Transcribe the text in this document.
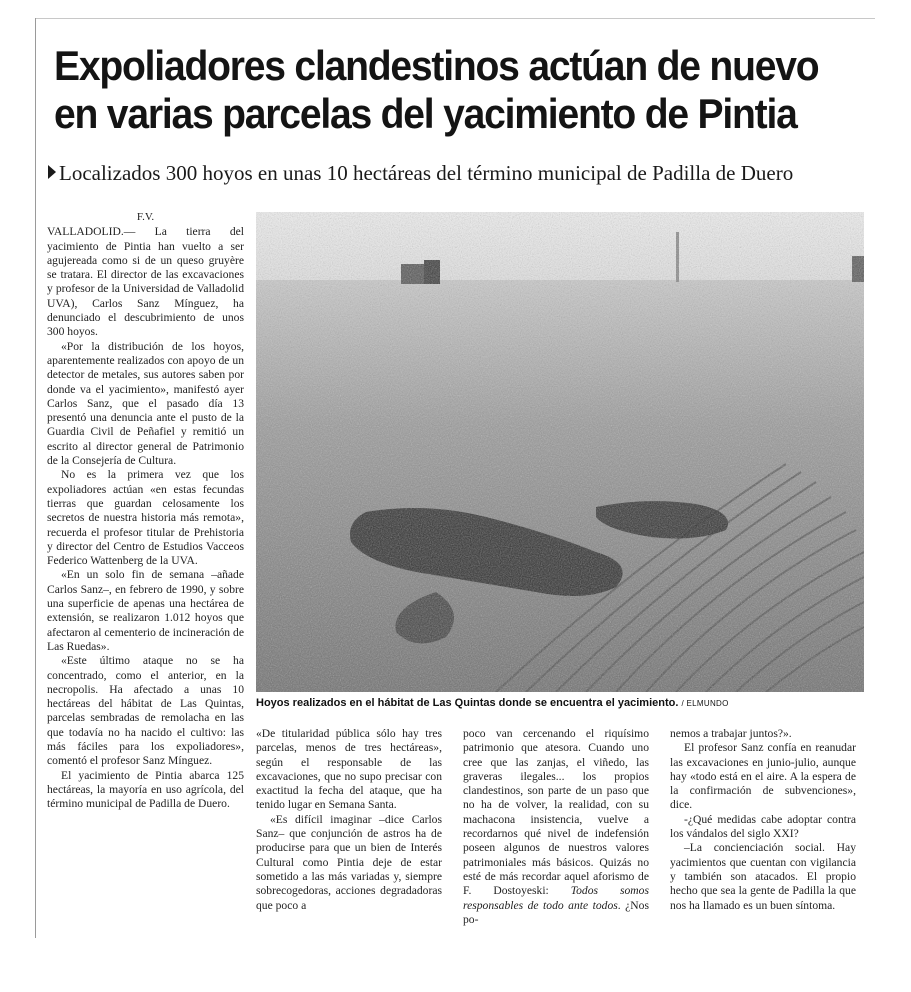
Expoliadores clandestinos actúan de nuevo
en varias parcelas del yacimiento de Pintia
Localizados 300 hoyos en unas 10 hectáreas del término municipal de Padilla de Duero
F.V.

VALLADOLID.— La tierra del yacimiento de Pintia han vuelto a ser agujereada como si de un queso gruyère se tratara. El director de las excavaciones y profesor de la Universidad de Valladolid UVA), Carlos Sanz Mínguez, ha denunciado el descubrimiento de unos 300 hoyos.

«Por la distribución de los hoyos, aparentemente realizados con apoyo de un detector de metales, sus autores saben por donde va el yacimiento», manifestó ayer Carlos Sanz, que el pasado día 13 presentó una denuncia ante el pusto de la Guardia Civil de Peñafiel y remitió un escrito al director general de Patrimonio de la Consejería de Cultura.

No es la primera vez que los expoliadores actúan «en estas fecundas tierras que guardan celosamente los secretos de nuestra historia más remota», recuerda el profesor titular de Prehistoria y director del Centro de Estudios Vacceos Federico Wattenberg de la UVA.

«En un solo fin de semana –añade Carlos Sanz–, en febrero de 1990, y sobre una superficie de apenas una hectárea de extensión, se realizaron 1.012 hoyos que afectaron al cementerio de incineración de Las Ruedas».

«Este último ataque no se ha concentrado, como el anterior, en la necropolis. Ha afectado a unas 10 hectáreas del hábitat de Las Quintas, parcelas sembradas de remolacha en las que todavía no ha nacido el cultivo: las más fáciles para los expoliadores», comentó el profesor Sanz Mínguez.

El yacimiento de Pintia abarca 125 hectáreas, la mayoría en uso agrícola, del término municipal de Padilla de Duero.

Hoyos realizados en el hábitat de Las Quintas donde se encuentra el yacimiento. / ELMUNDO

«De titularidad pública sólo hay tres parcelas, menos de tres hectáreas», según el responsable de las excavaciones, que no supo precisar con exactitud la fecha del ataque, que ha tenido lugar en Semana Santa.

«Es difícil imaginar –dice Carlos Sanz– que conjunción de astros ha de producirse para que un bien de Interés Cultural como Pintia deje de estar sometido a las más variadas y, siempre sobrecogedoras, acciones degradadoras que poco a

poco van cercenando el riquísimo patrimonio que atesora. Cuando uno cree que las zanjas, el viñedo, las graveras ilegales... los propios clandestinos, son parte de un paso que no ha de volver, la realidad, con su machacona insistencia, vuelve a recordarnos qué nivel de indefensión poseen algunos de nuestros valores patrimoniales más básicos. Quizás no esté de más recordar aquel aforismo de F. Dostoyeski: Todos somos responsables de todo ante todos. ¿Nos po-

nemos a trabajar juntos?».

El profesor Sanz confía en reanudar las excavaciones en junio-julio, aunque hay «todo está en el aire. A la espera de la confirmación de subvenciones», dice.

-¿Qué medidas cabe adoptar contra los vándalos del siglo XXI?

–La concienciación social. Hay yacimientos que cuentan con vigilancia y también son atacados. El propio hecho que sea la gente de Padilla la que nos ha llamado es un buen síntoma.
